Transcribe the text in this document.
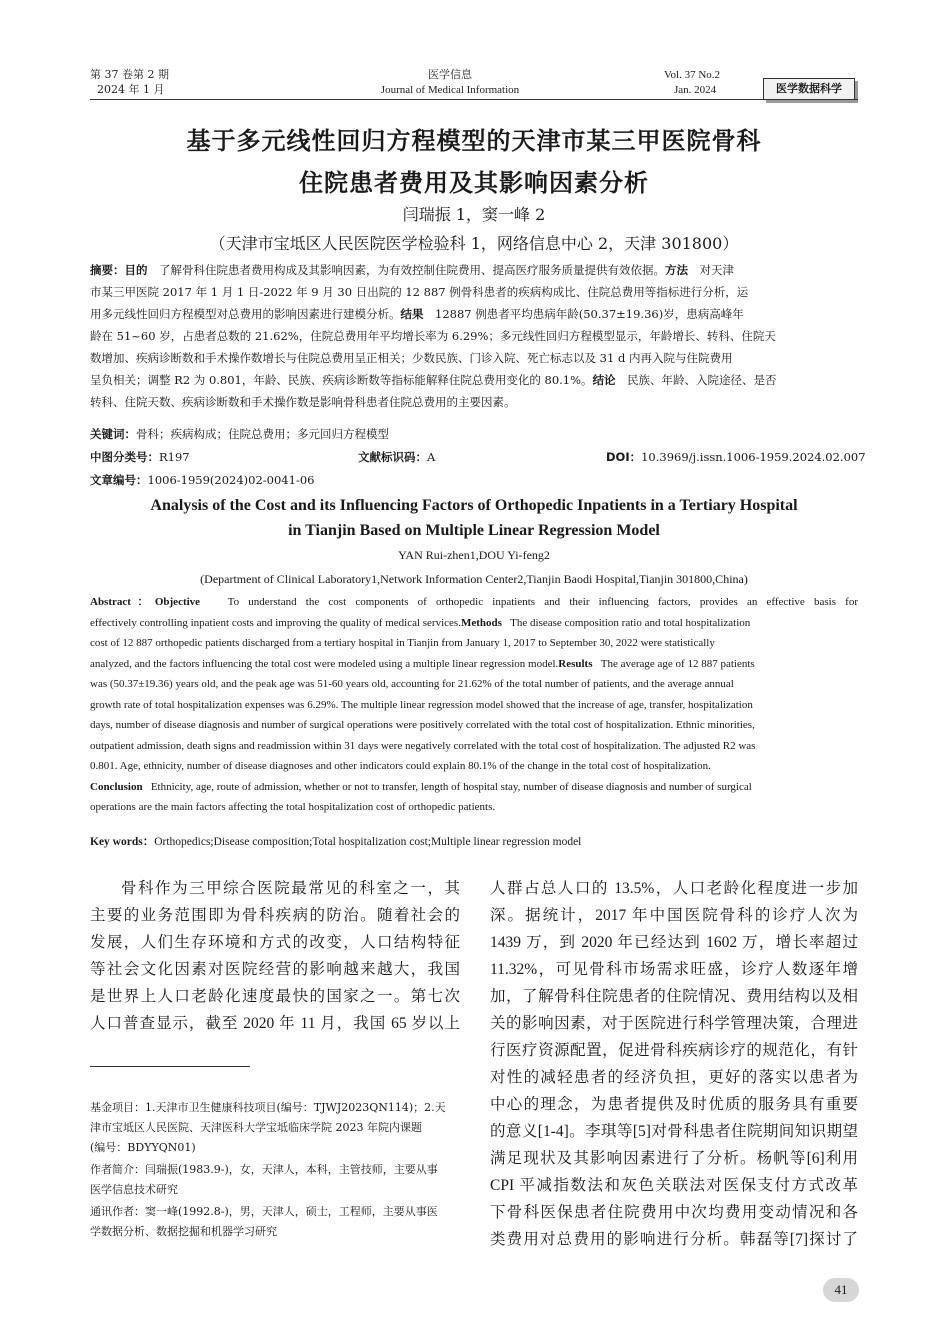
第 37 卷第 2 期
2024 年 1 月
医学信息
Journal of Medical Information
Vol. 37 No.2
Jan. 2024	医学数据科学
基于多元线性回归方程模型的天津市某三甲医院骨科
住院患者费用及其影响因素分析
闫瑞振 1，窦一峰 2
（天津市宝坻区人民医院医学检验科 1，网络信息中心 2，天津 301800）
摘要：目的　 了解骨科住院患者费用构成及其影响因素，为有效控制住院费用、提高医疗服务质量提供有效依据。方法　 对天津
市某三甲医院 2017 年 1 月 1 日-2022 年 9 月 30 日出院的 12 887 例骨科患者的疾病构成比、住院总费用等指标进行分析，运
用多元线性回归方程模型对总费用的影响因素进行建模分析。结果　 12887 例患者平均患病年龄(50.37±19.36)岁，患病高峰年
龄在 51~60 岁，占患者总数的 21.62%，住院总费用年平均增长率为 6.29%；多元线性回归方程模型显示，年龄增长、转科、住院天
数增加、疾病诊断数和手术操作数增长与住院总费用呈正相关；少数民族、门诊入院、死亡标志以及 31 d 内再入院与住院费用
呈负相关；调整 R2 为 0.801，年龄、民族、疾病诊断数等指标能解释住院总费用变化的 80.1%。结论　 民族、年龄、入院途径、是否
转科、住院天数、疾病诊断数和手术操作数是影响骨科患者住院总费用的主要因素。
关键词：骨科；疾病构成；住院总费用；多元回归方程模型
中图分类号：R197	文献标识码：A	DOI：10.3969/j.issn.1006-1959.2024.02.007
文章编号：1006-1959(2024)02-0041-06
Analysis of the Cost and its Influencing Factors of Orthopedic Inpatients in a Tertiary Hospital
in Tianjin Based on Multiple Linear Regression Model
YAN Rui-zhen1,DOU Yi-feng2
(Department of Clinical Laboratory1,Network Information Center2,Tianjin Baodi Hospital,Tianjin 301800,China)
Abstract：Objective	To understand the cost components of orthopedic inpatients and their influencing factors, provides an effective basis for
effectively controlling inpatient costs and improving the quality of medical services.Methods The disease composition ratio and total hospitalization
cost of 12 887 orthopedic patients discharged from a tertiary hospital in Tianjin from January 1, 2017 to September 30, 2022 were statistically
analyzed, and the factors influencing the total cost were modeled using a multiple linear regression model.Results The average age of 12 887 patients
was (50.37±19.36) years old, and the peak age was 51-60 years old, accounting for 21.62% of the total number of patients, and the average annual
growth rate of total hospitalization expenses was 6.29%. The multiple linear regression model showed that the increase of age, transfer, hospitalization
days, number of disease diagnosis and number of surgical operations were positively correlated with the total cost of hospitalization. Ethnic minorities,
outpatient admission, death signs and readmission within 31 days were negatively correlated with the total cost of hospitalization. The adjusted R2 was
0.801. Age, ethnicity, number of disease diagnoses and other indicators could explain 80.1% of the change in the total cost of hospitalization.
Conclusion Ethnicity, age, route of admission, whether or not to transfer, length of hospital stay, number of disease diagnosis and number of surgical
operations are the main factors affecting the total hospitalization cost of orthopedic patients.
Key words：Orthopedics;Disease composition;Total hospitalization cost;Multiple linear regression model
骨科作为三甲综合医院最常见的科室之一，其
主要的业务范围即为骨科疾病的防治。随着社会的
发展，人们生存环境和方式的改变，人口结构特征
等社会文化因素对医院经营的影响越来越大，我国
是世界上人口老龄化速度最快的国家之一。第七次
人口普查显示，截至 2020 年 11 月，我国 65 岁以上
人群占总人口的 13.5%，人口老龄化程度进一步加
深。据统计，2017 年中国医院骨科的诊疗人次为
1439 万，到 2020 年已经达到 1602 万，增长率超过
11.32%，可见骨科市场需求旺盛，诊疗人数逐年增
加，了解骨科住院患者的住院情况、费用结构以及相
关的影响因素，对于医院进行科学管理决策，合理进
行医疗资源配置，促进骨科疾病诊疗的规范化，有针
对性的减轻患者的经济负担，更好的落实以患者为
中心的理念，为患者提供及时优质的服务具有重要
的意义[1-4]。李琪等[5]对骨科患者住院期间知识期望
满足现状及其影响因素进行了分析。杨帆等[6]利用
CPI 平减指数法和灰色关联法对医保支付方式改革
下骨科医保患者住院费用中次均费用变动情况和各
类费用对总费用的影响进行分析。韩磊等[7]探讨了
基金项目：1.天津市卫生健康科技项目(编号：TJWJ2023QN114)；2.天
津市宝坻区人民医院、天津医科大学宝坻临床学院 2023 年院内课题
(编号：BDYYQN01)
作者简介：闫瑞振(1983.9-)，女，天津人，本科，主管技师，主要从事
医学信息技术研究
通讯作者：窦一峰(1992.8-)，男，天津人，硕士，工程师，主要从事医
学数据分析、数据挖掘和机器学习研究
41
